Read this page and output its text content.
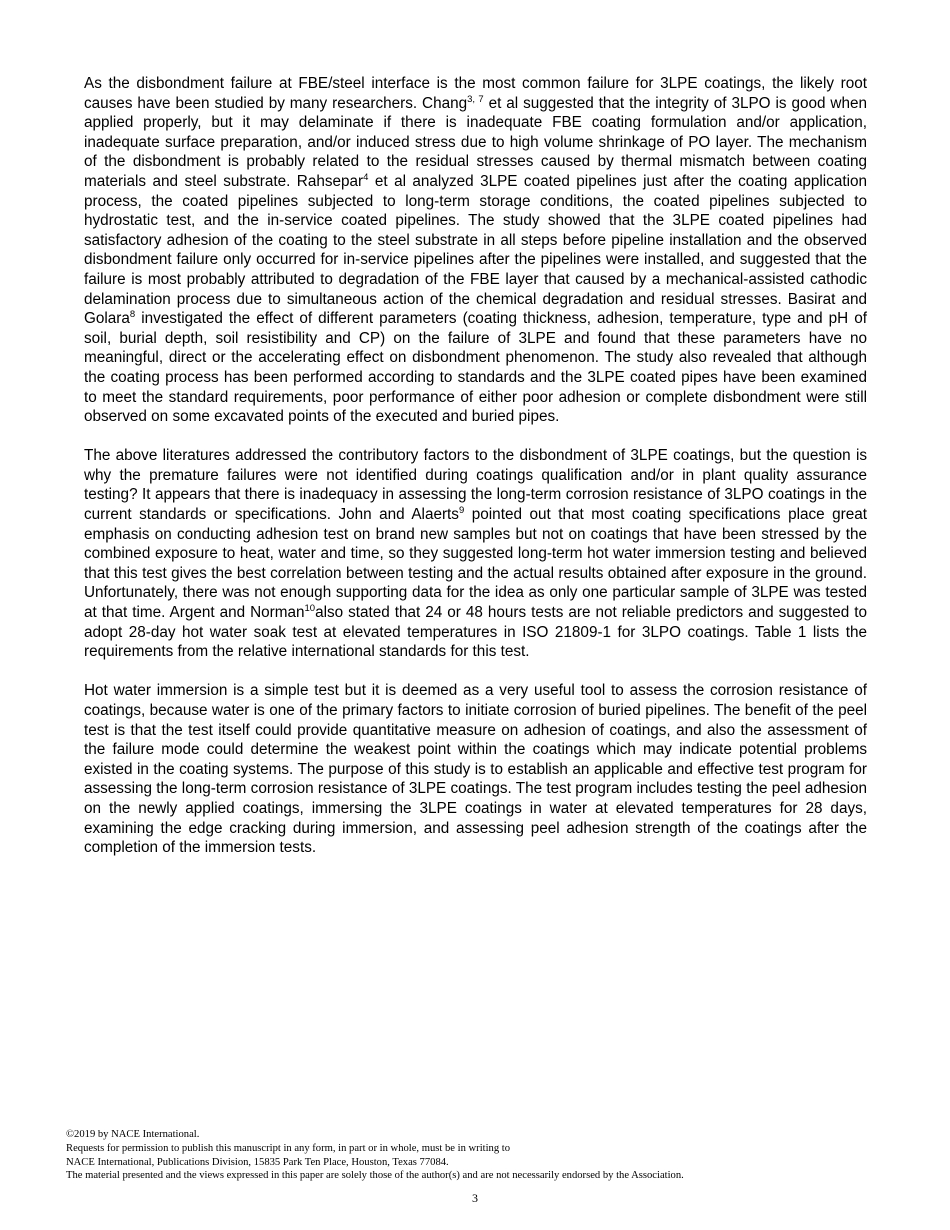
As the disbondment failure at FBE/steel interface is the most common failure for 3LPE coatings, the likely root causes have been studied by many researchers. Chang$^{3, 7}$ et al suggested that the integrity of 3LPO is good when applied properly, but it may delaminate if there is inadequate FBE coating formulation and/or application, inadequate surface preparation, and/or induced stress due to high volume shrinkage of PO layer. The mechanism of the disbondment is probably related to the residual stresses caused by thermal mismatch between coating materials and steel substrate. Rahsepar$^4$ et al analyzed 3LPE coated pipelines just after the coating application process, the coated pipelines subjected to long-term storage conditions, the coated pipelines subjected to hydrostatic test, and the in-service coated pipelines. The study showed that the 3LPE coated pipelines had satisfactory adhesion of the coating to the steel substrate in all steps before pipeline installation and the observed disbondment failure only occurred for in-service pipelines after the pipelines were installed, and suggested that the failure is most probably attributed to degradation of the FBE layer that caused by a mechanical-assisted cathodic delamination process due to simultaneous action of the chemical degradation and residual stresses. Basirat and Golara$^8$ investigated the effect of different parameters (coating thickness, adhesion, temperature, type and pH of soil, burial depth, soil resistibility and CP) on the failure of 3LPE and found that these parameters have no meaningful, direct or the accelerating effect on disbondment phenomenon. The study also revealed that although the coating process has been performed according to standards and the 3LPE coated pipes have been examined to meet the standard requirements, poor performance of either poor adhesion or complete disbondment were still observed on some excavated points of the executed and buried pipes.

The above literatures addressed the contributory factors to the disbondment of 3LPE coatings, but the question is why the premature failures were not identified during coatings qualification and/or in plant quality assurance testing? It appears that there is inadequacy in assessing the long-term corrosion resistance of 3LPO coatings in the current standards or specifications. John and Alaerts$^9$ pointed out that most coating specifications place great emphasis on conducting adhesion test on brand new samples but not on coatings that have been stressed by the combined exposure to heat, water and time, so they suggested long-term hot water immersion testing and believed that this test gives the best correlation between testing and the actual results obtained after exposure in the ground. Unfortunately, there was not enough supporting data for the idea as only one particular sample of 3LPE was tested at that time. Argent and Norman$^{10}$also stated that 24 or 48 hours tests are not reliable predictors and suggested to adopt 28-day hot water soak test at elevated temperatures in ISO 21809-1 for 3LPO coatings. Table 1 lists the requirements from the relative international standards for this test.

Hot water immersion is a simple test but it is deemed as a very useful tool to assess the corrosion resistance of coatings, because water is one of the primary factors to initiate corrosion of buried pipelines. The benefit of the peel test is that the test itself could provide quantitative measure on adhesion of coatings, and also the assessment of the failure mode could determine the weakest point within the coatings which may indicate potential problems existed in the coating systems. The purpose of this study is to establish an applicable and effective test program for assessing the long-term corrosion resistance of 3LPE coatings. The test program includes testing the peel adhesion on the newly applied coatings, immersing the 3LPE coatings in water at elevated temperatures for 28 days, examining the edge cracking during immersion, and assessing peel adhesion strength of the coatings after the completion of the immersion tests.

©2019 by NACE International.
Requests for permission to publish this manuscript in any form, in part or in whole, must be in writing to
NACE International, Publications Division, 15835 Park Ten Place, Houston, Texas 77084.
The material presented and the views expressed in this paper are solely those of the author(s) and are not necessarily endorsed by the Association.
3
